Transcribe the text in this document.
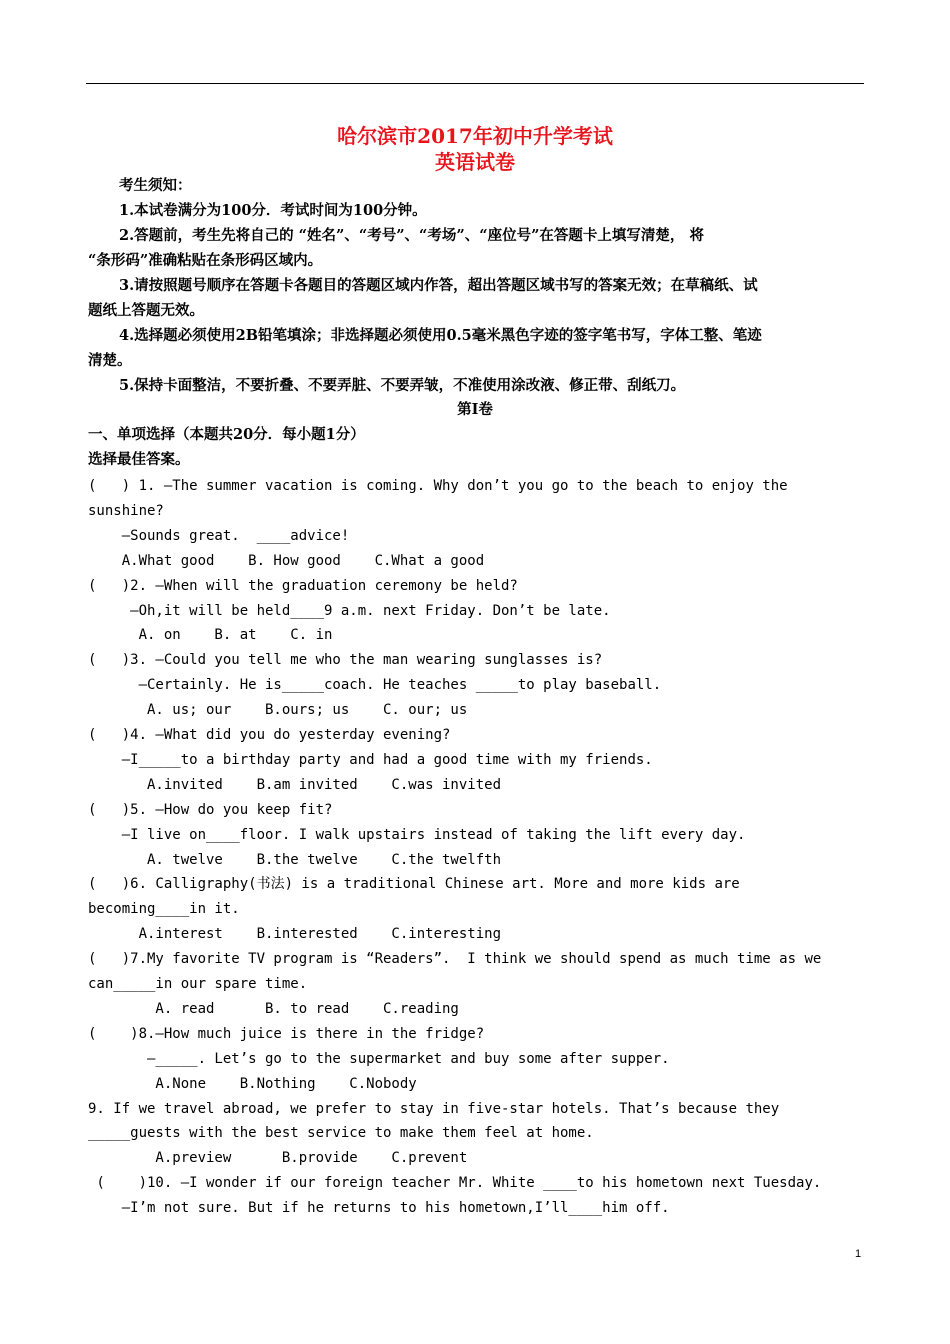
哈尔滨市2017年初中升学考试
英语试卷
考生须知：
1.本试卷满分为100分．考试时间为100分钟。
2.答题前，考生先将自己的 “姓名”、“考号”、“考场”、“座位号”在答题卡上填写清楚， 将
“条形码”准确粘贴在条形码区域内。
3.请按照题号顺序在答题卡各题目的答题区域内作答，超出答题区域书写的答案无效；在草稿纸、试
题纸上答题无效。
4.选择题必须使用2B铅笔填涂；非选择题必须使用0.5毫米黑色字迹的签字笔书写，字体工整、笔迹
清楚。
5.保持卡面整洁，不要折叠、不要弄脏、不要弄皱，不准使用涂改液、修正带、刮纸刀。
第I卷
一、单项选择（本题共20分．每小题1分）
选择最佳答案。
(   ) 1. —The summer vacation is coming. Why don’t you go to the beach to enjoy the
sunshine?
—Sounds great.  ____advice!
A.What good    B. How good    C.What a good
(   )2. —When will the graduation ceremony be held?
—Oh,it will be held____9 a.m. next Friday. Don’t be late.
A. on    B. at    C. in
(   )3. —Could you tell me who the man wearing sunglasses is?
—Certainly. He is_____coach. He teaches _____to play baseball.
A. us; our    B.ours; us    C. our; us
(   )4. —What did you do yesterday evening?
—I_____to a birthday party and had a good time with my friends.
A.invited    B.am invited    C.was invited
(   )5. —How do you keep fit?
—I live on____floor. I walk upstairs instead of taking the lift every day.
A. twelve    B.the twelve    C.the twelfth
(   )6. Calligraphy(书法) is a traditional Chinese art. More and more kids are
becoming____in it.
A.interest    B.interested    C.interesting
(   )7.My favorite TV program is “Readers”.  I think we should spend as much time as we
can_____in our spare time.
A. read      B. to read    C.reading
(    )8.—How much juice is there in the fridge?
—_____. Let’s go to the supermarket and buy some after supper.
A.None    B.Nothing    C.Nobody
9. If we travel abroad, we prefer to stay in five-star hotels. That’s because they
_____guests with the best service to make them feel at home.
A.preview      B.provide    C.prevent
(    )10. —I wonder if our foreign teacher Mr. White ____to his hometown next Tuesday.
—I’m not sure. But if he returns to his hometown,I’ll____him off.
1
